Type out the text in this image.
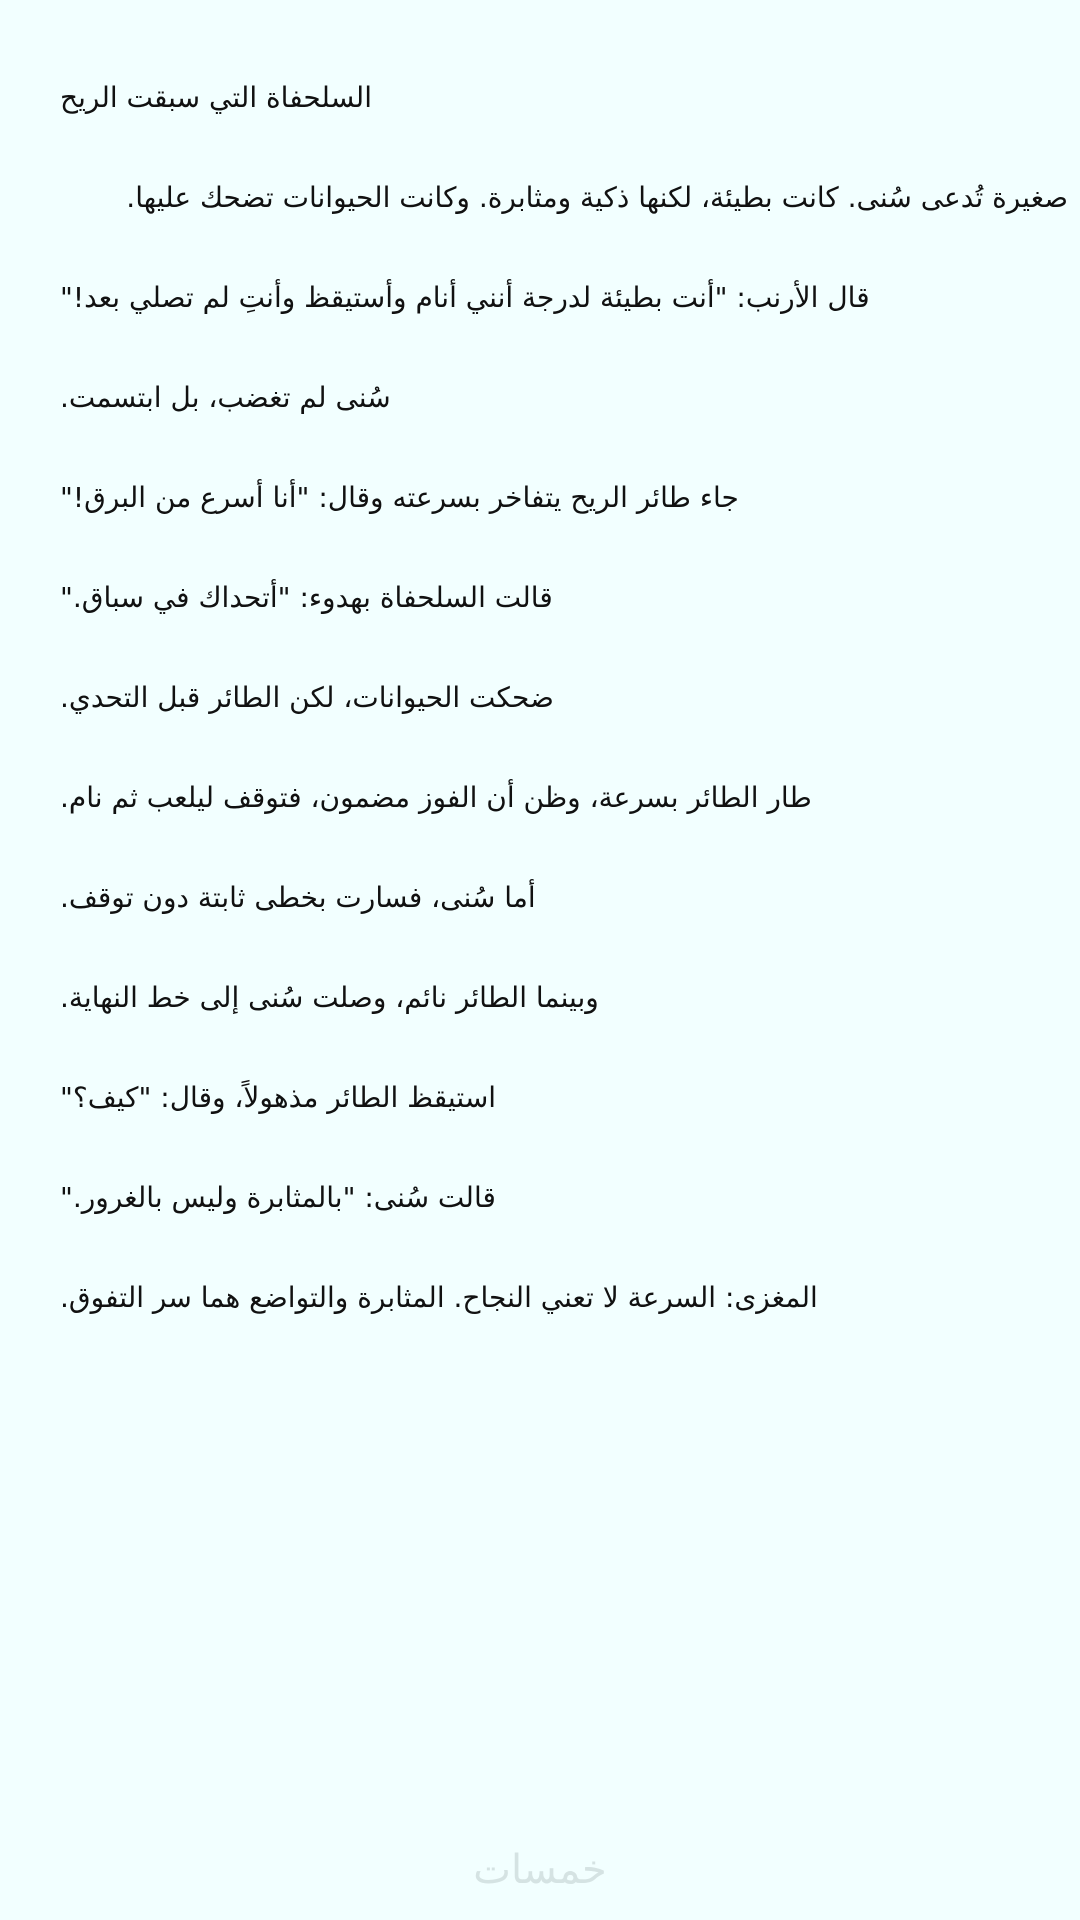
السلحفاة التي سبقت الريح

صغيرة تُدعى سُنى. كانت بطيئة، لكنها ذكية ومثابرة. وكانت الحيوانات تضحك عليها.

قال الأرنب: "أنت بطيئة لدرجة أنني أنام وأستيقظ وأنتِ لم تصلي بعد!"

سُنى لم تغضب، بل ابتسمت.

جاء طائر الريح يتفاخر بسرعته وقال: "أنا أسرع من البرق!"

قالت السلحفاة بهدوء: "أتحداك في سباق."

ضحكت الحيوانات، لكن الطائر قبل التحدي.

طار الطائر بسرعة، وظن أن الفوز مضمون، فتوقف ليلعب ثم نام.

أما سُنى، فسارت بخطى ثابتة دون توقف.

وبينما الطائر نائم، وصلت سُنى إلى خط النهاية.

استيقظ الطائر مذهولاً، وقال: "كيف؟"

قالت سُنى: "بالمثابرة وليس بالغرور."

المغزى: السرعة لا تعني النجاح. المثابرة والتواضع هما سر التفوق.

خمسات
